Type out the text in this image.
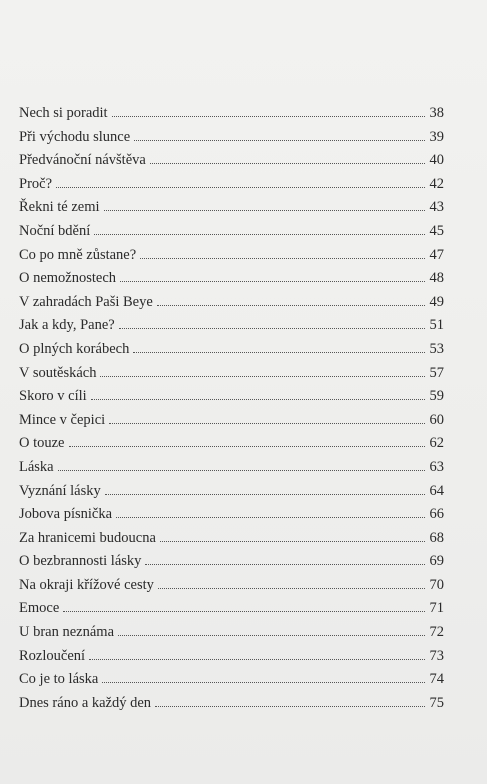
Nech si poradit	38
Při východu slunce	39
Předvánoční návštěva	40
Proč?	42
Řekni té zemi	43
Noční bdění	45
Co po mně zůstane?	47
O nemožnostech	48
V zahradách Paši Beye	49
Jak a kdy, Pane?	51
O plných korábech	53
V soutěskách	57
Skoro v cíli	59
Mince v čepici	60
O touze	62
Láska	63
Vyznání lásky	64
Jobova písnička	66
Za hranicemi budoucna	68
O bezbrannosti lásky	69
Na okraji křížové cesty	70
Emoce	71
U bran neznáma	72
Rozloučení	73
Co je to láska	74
Dnes ráno a každý den	75
